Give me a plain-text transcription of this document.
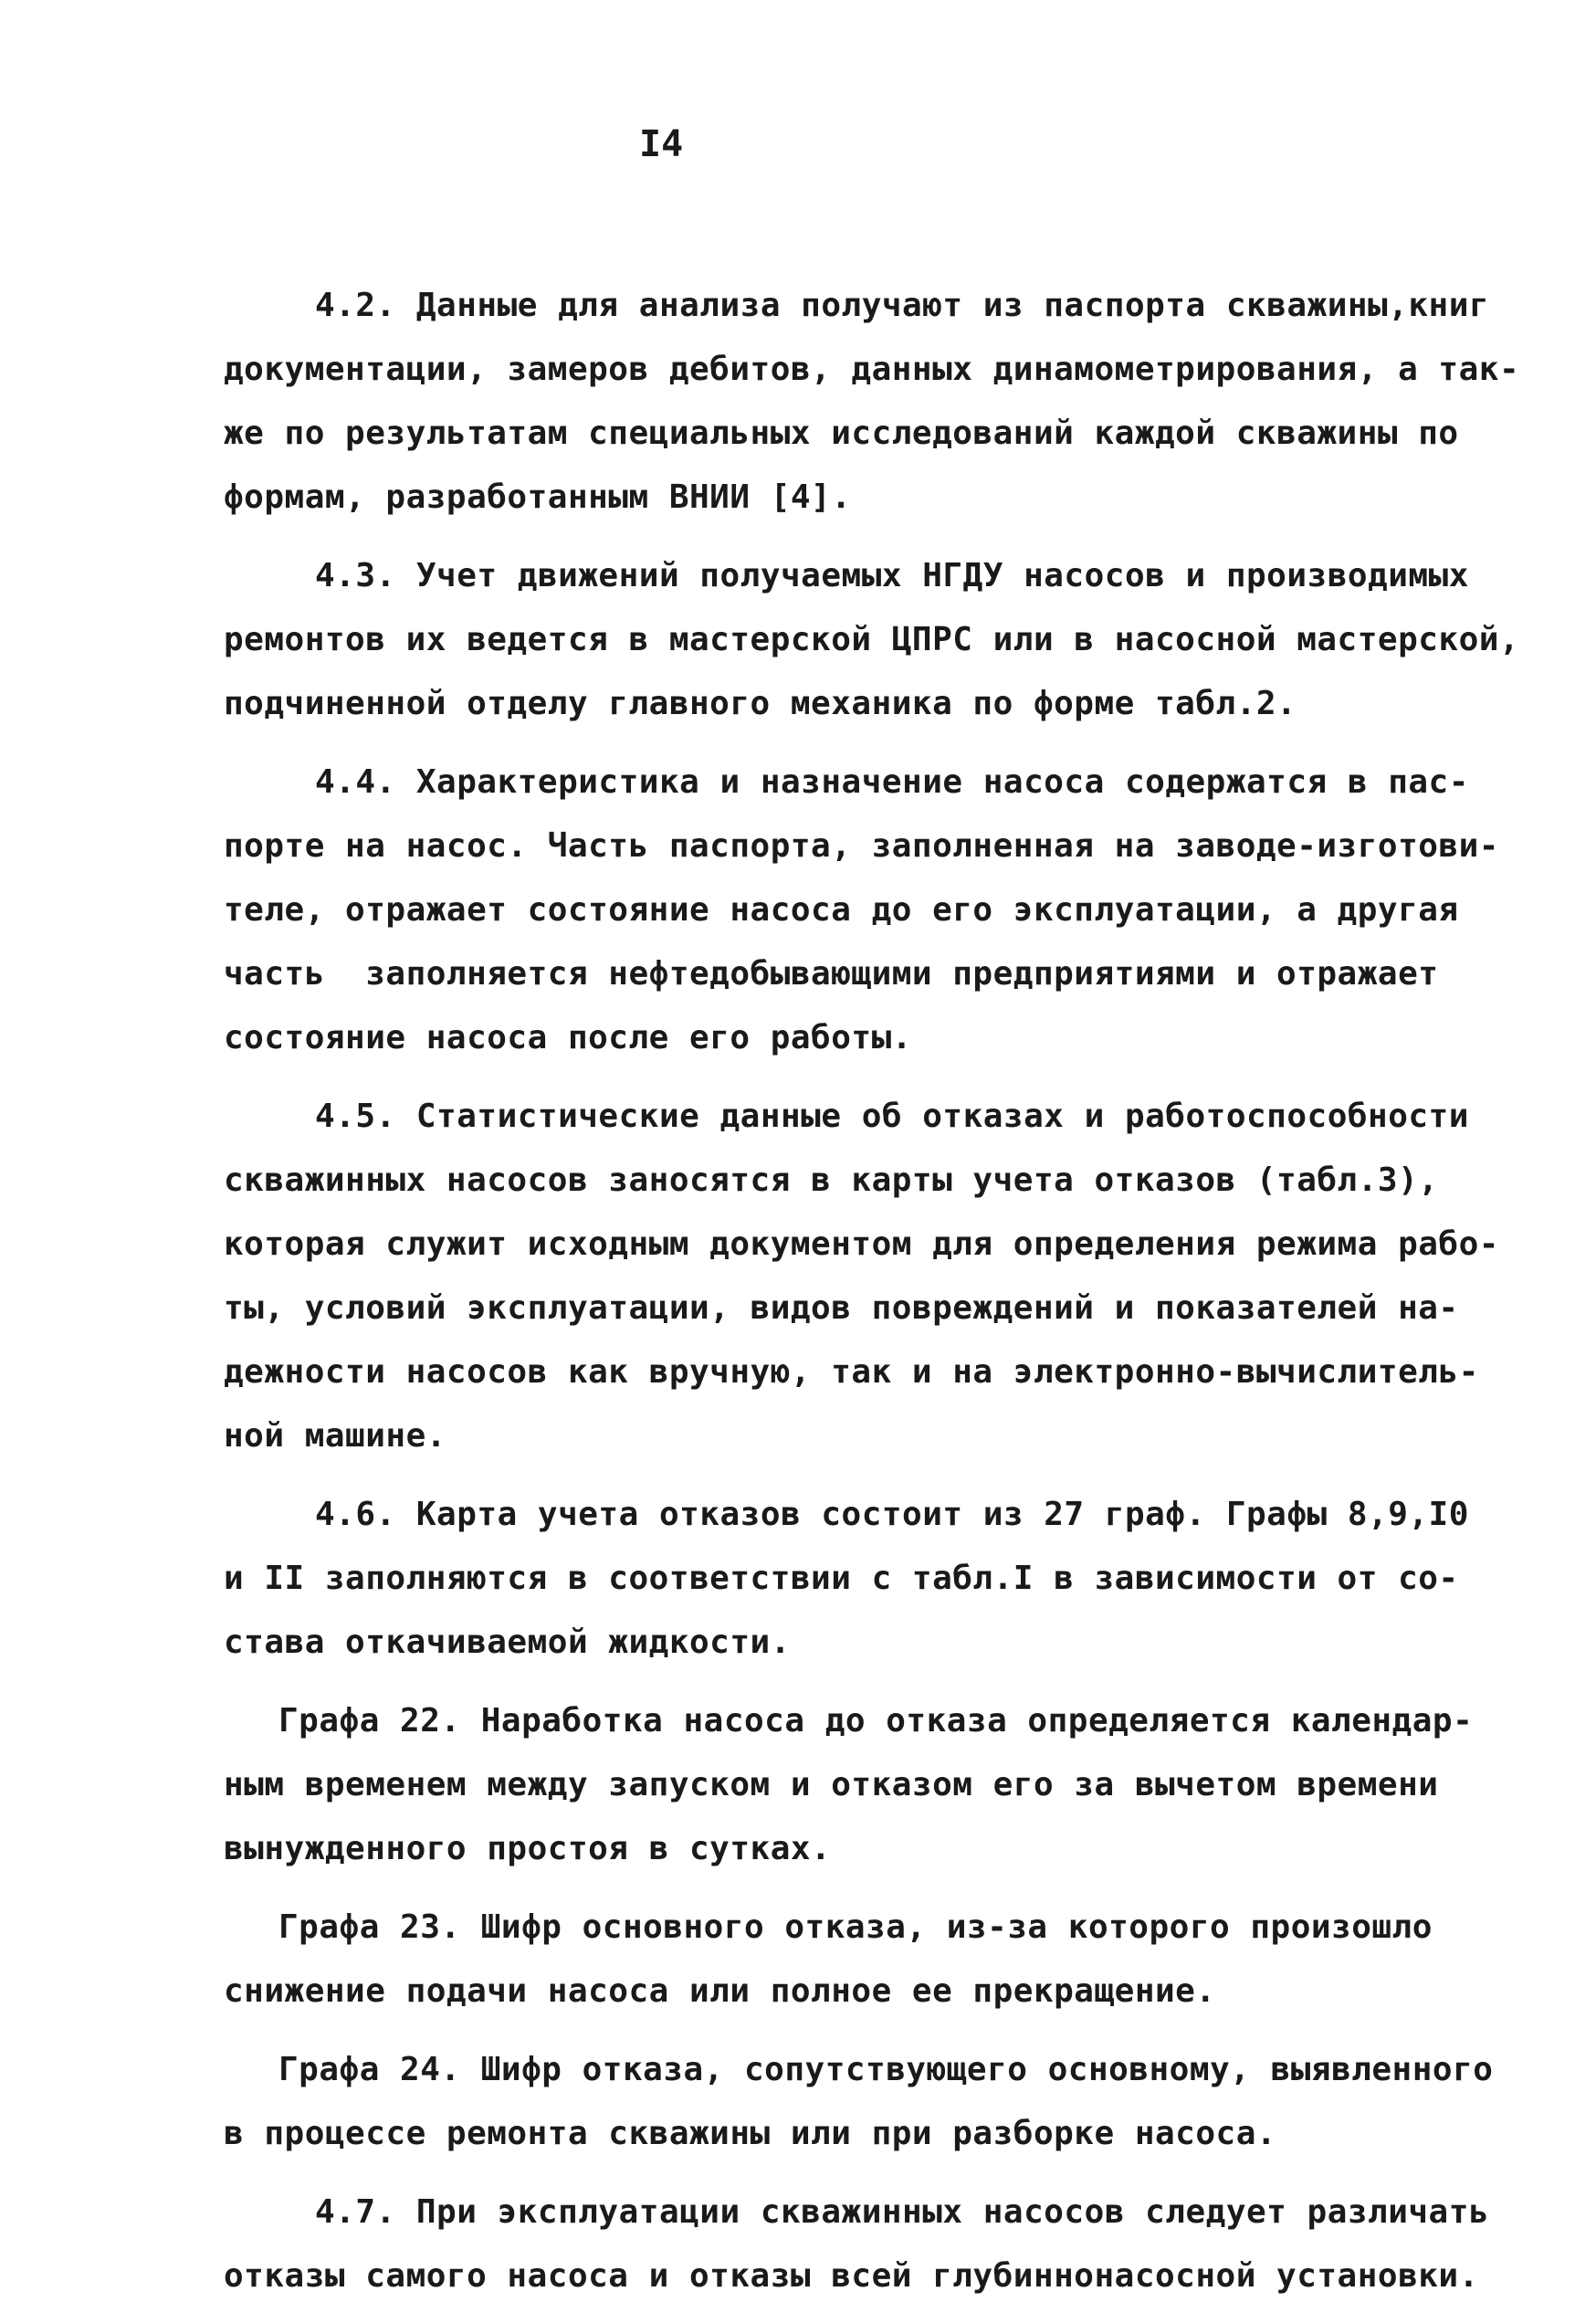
I4
4.2. Данные для анализа получают из паспорта скважины,книг
документации, замеров дебитов, данных динамометрирования, а так-
же по результатам специальных исследований каждой скважины по
формам, разработанным ВНИИ [4].
4.3. Учет движений получаемых НГДУ насосов и производимых
ремонтов их ведется в мастерской ЦПРС или в насосной мастерской,
подчиненной отделу главного механика по форме табл.2.
4.4. Характеристика и назначение насоса содержатся в пас-
порте на насос. Часть паспорта, заполненная на заводе-изготови-
теле, отражает состояние насоса до его эксплуатации, а другая
часть  заполняется нефтедобывающими предприятиями и отражает
состояние насоса после его работы.
4.5. Статистические данные об отказах и работоспособности
скважинных насосов заносятся в карты учета отказов (табл.3),
которая служит исходным документом для определения режима рабо-
ты, условий эксплуатации, видов повреждений и показателей на-
дежности насосов как вручную, так и на электронно-вычислитель-
ной машине.
4.6. Карта учета отказов состоит из 27 граф. Графы 8,9,I0
и II заполняются в соответствии с табл.I в зависимости от со-
става откачиваемой жидкости.
Графа 22. Наработка насоса до отказа определяется календар-
ным временем между запуском и отказом его за вычетом времени
вынужденного простоя в сутках.
Графа 23. Шифр основного отказа, из-за которого произошло
снижение подачи насоса или полное ее прекращение.
Графа 24. Шифр отказа, сопутствующего основному, выявленного
в процессе ремонта скважины или при разборке насоса.
4.7. При эксплуатации скважинных насосов следует различать
отказы самого насоса и отказы всей глубиннонасосной установки.
